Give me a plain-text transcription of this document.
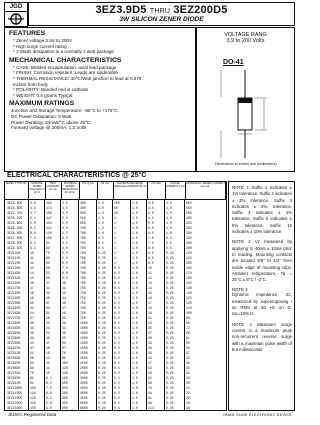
JGD	3EZ3.9D5 THRU 3EZ200D5
3W SILICON ZENER DIODE
FEATURES
* Zener voltage 3.9V to 200V
* High surge current rating
* 3 Watts dissipation in a normally 1 watt package
MECHANICAL CHARACTERISTICS
* CASE: Molded encapsulation, axial lead package
* FINISH: Corrosion resistant. Leads are solderable
* THERMAL RESISTANCE: 40°C/Watt junction to lead at 0.375
inches from body
* POLARITY: Banded end is cathode
* WEIGHT: 0.4 grams Typical
MAXIMUM RATINGS
Junction and Storage Temperature: -65°C to +175°C
DC Power Dissipation: 3 Watt
Power Derating: 24mW/°C above 25°C
Forward Voltage @ 200mA: 1.2 Volts
VOLTAGE RANG
3.9 to 200 Volts
DO-41
Dimensions in inches and (millimeters)
ELECTRICAL CHARACTERISTICS @ 25°C
JEDEC TYPE NO.	NOMINAL ZENER VOLTAGE Vz @ Izt
TEST CURRENT Izt mA
MAXIMUM ZENER IMPEDANCE Zzt @ Izt
Zzk @ Izk	Izk mA	MAXIMUM REVERSE LEAKAGE CURRENT IR uA
VR Volts	SURGE CURRENT Ir mA
MAXIMUM DC ZENER CURRENT Izm mA
3EZ3.9D5 3.9	192	4.5	400	1.0	100	1.0	3.0	1.0	605
3EZ4.3D5 4.3	174	4.5	400	1.0	50	1.0	3.5	1.0	550
3EZ4.7D5 4.7	160	4.0	500	1.0	10	1.0	4.0	1.0	500
3EZ5.1D5 5.1	147	3.5	550	1.0	1	1.0	4.5	1.0	465
3EZ5.6D5 5.6	134	2.0	600	1.0	1	1.0	5.0	1.0	425
3EZ6.2D5 6.2	121	2.0	700	1.0	1	1.0	5.5	1.0	385
3EZ6.8D5 6.8	110	2.5	700	1.0	1	1.0	6.5	1.0	350
3EZ7.5D5 7.5	100	3.0	700	0.5	1	1.0	7.0	0.5	320
3EZ8.2D5 8.2	91	3.5	700	0.5	1	1.0	7.5	0.5	290
3EZ9.1D5 9.1	82	4.0	700	0.5	1	1.0	8.0	0.5	260
3EZ10D5	10	75	5.0	700	0.25	1	1.0	8.5	0.25	240
3EZ11D5	11	68	5.5	700	0.25	1	1.0	9.0	0.25	215
3EZ12D5	12	63	6.0	700	0.25	1	1.0	9.5	0.25	200
3EZ13D5	13	58	7.0	700	0.25	0.5	1.0	10	0.25	185
3EZ14D5	14	53	8.0	700	0.25	0.5	1.0	11	0.25	170
3EZ15D5	15	50	9.0	700	0.25	0.5	1.0	12	0.25	160
3EZ16D5	16	47	10	700	0.25	0.5	1.0	13	0.25	150
3EZ17D5	17	44	11	750	0.25	0.5	1.0	14	0.25	140
3EZ18D5	18	42	12	750	0.25	0.5	1.0	15	0.25	130
3EZ19D5	19	40	14	750	0.25	0.5	1.0	16	0.25	125
3EZ20D5	20	37	16	750	0.25	0.5	1.0	17	0.25	120
3EZ22D5	22	34	17	750	0.25	0.5	1.0	18	0.25	110
3EZ24D5	24	31	19	750	0.25	0.5	1.0	19	0.25	100
3EZ27D5	27	28	23	750	0.25	0.5	1.0	21	0.25	89
3EZ30D5	30	25	28	1000	0.25	0.5	1.0	23	0.25	80
3EZ33D5	33	23	33	1000	0.25	0.5	1.0	25	0.25	72
3EZ36D5	36	21	38	1000	0.25	0.5	1.0	27	0.25	66
3EZ39D5	39	19	45	1000	0.25	0.5	1.0	30	0.25	61
3EZ43D5	43	17	53	1500	0.25	0.5	1.0	33	0.25	55
3EZ47D5	47	16	67	1500	0.25	0.5	1.0	36	0.25	50
3EZ51D5	51	15	70	1500	0.25	0.5	1.0	39	0.25	47
3EZ56D5	56	13	86	2000	0.25	0.5	1.0	43	0.25	43
3EZ62D5	62	12	100	2000	0.25	0.5	1.0	47	0.25	39
3EZ68D5	68	11	120	2000	0.25	0.5	1.0	52	0.25	35
3EZ75D5	75	10	140	2000	0.25	0.5	1.0	56	0.25	32
3EZ82D5	82	9.1	160	3000	0.25	0.5	1.0	62	0.25	29
3EZ91D5	91	8.2	200	3000	0.25	0.5	1.0	69	0.25	26
3EZ100D5 100	7.5	250	3000	0.25	0.5	1.0	76	0.25	24
3EZ110D5 110	6.8	300	4000	0.25	0.5	1.0	84	0.25	22
3EZ120D5 120	6.3	380	4500	0.25	0.5	1.0	91	0.25	20
3EZ130D5 130	5.8	450	5000	0.25	0.5	1.0	99	0.25	18
3EZ150D5 150	5.0	600	6000	0.25	0.5	1.0	114	0.25	16
NOTE 1 Suffix 1 indicates ± 1% tolerance. Suffix 2 indicates ± 2% tolerance. Suffix 3 indicates ± 3%. tolerance. Suffix 4 indicates ± 4% tolerance. Suffix 5 indicates ± 5% tolerance. Suffix 10 indicates ± 10% tolerance.
NOTE 2 Vz measured by applying Iz 40ms ± 10ms prior to reading. Mounting contacts are located 3/8" to 1/2" from inside edge of mounting clips. Ambient temperature, Ta = 25°C ± 8°C / -2°C.
NOTE 3
Dynamic impedance, Zz, measured by superimposing I ac RMS at 60 Hz on Iz, Iac=10% Iz.
NOTE 4 Maximum surge current is a maximum peak non-recurrent reverse surge with a maximum pulse width of 8.3 milliseconds
· JEDEC Registered Data	JINAN GUDE ELECTRONIC DEVICE
